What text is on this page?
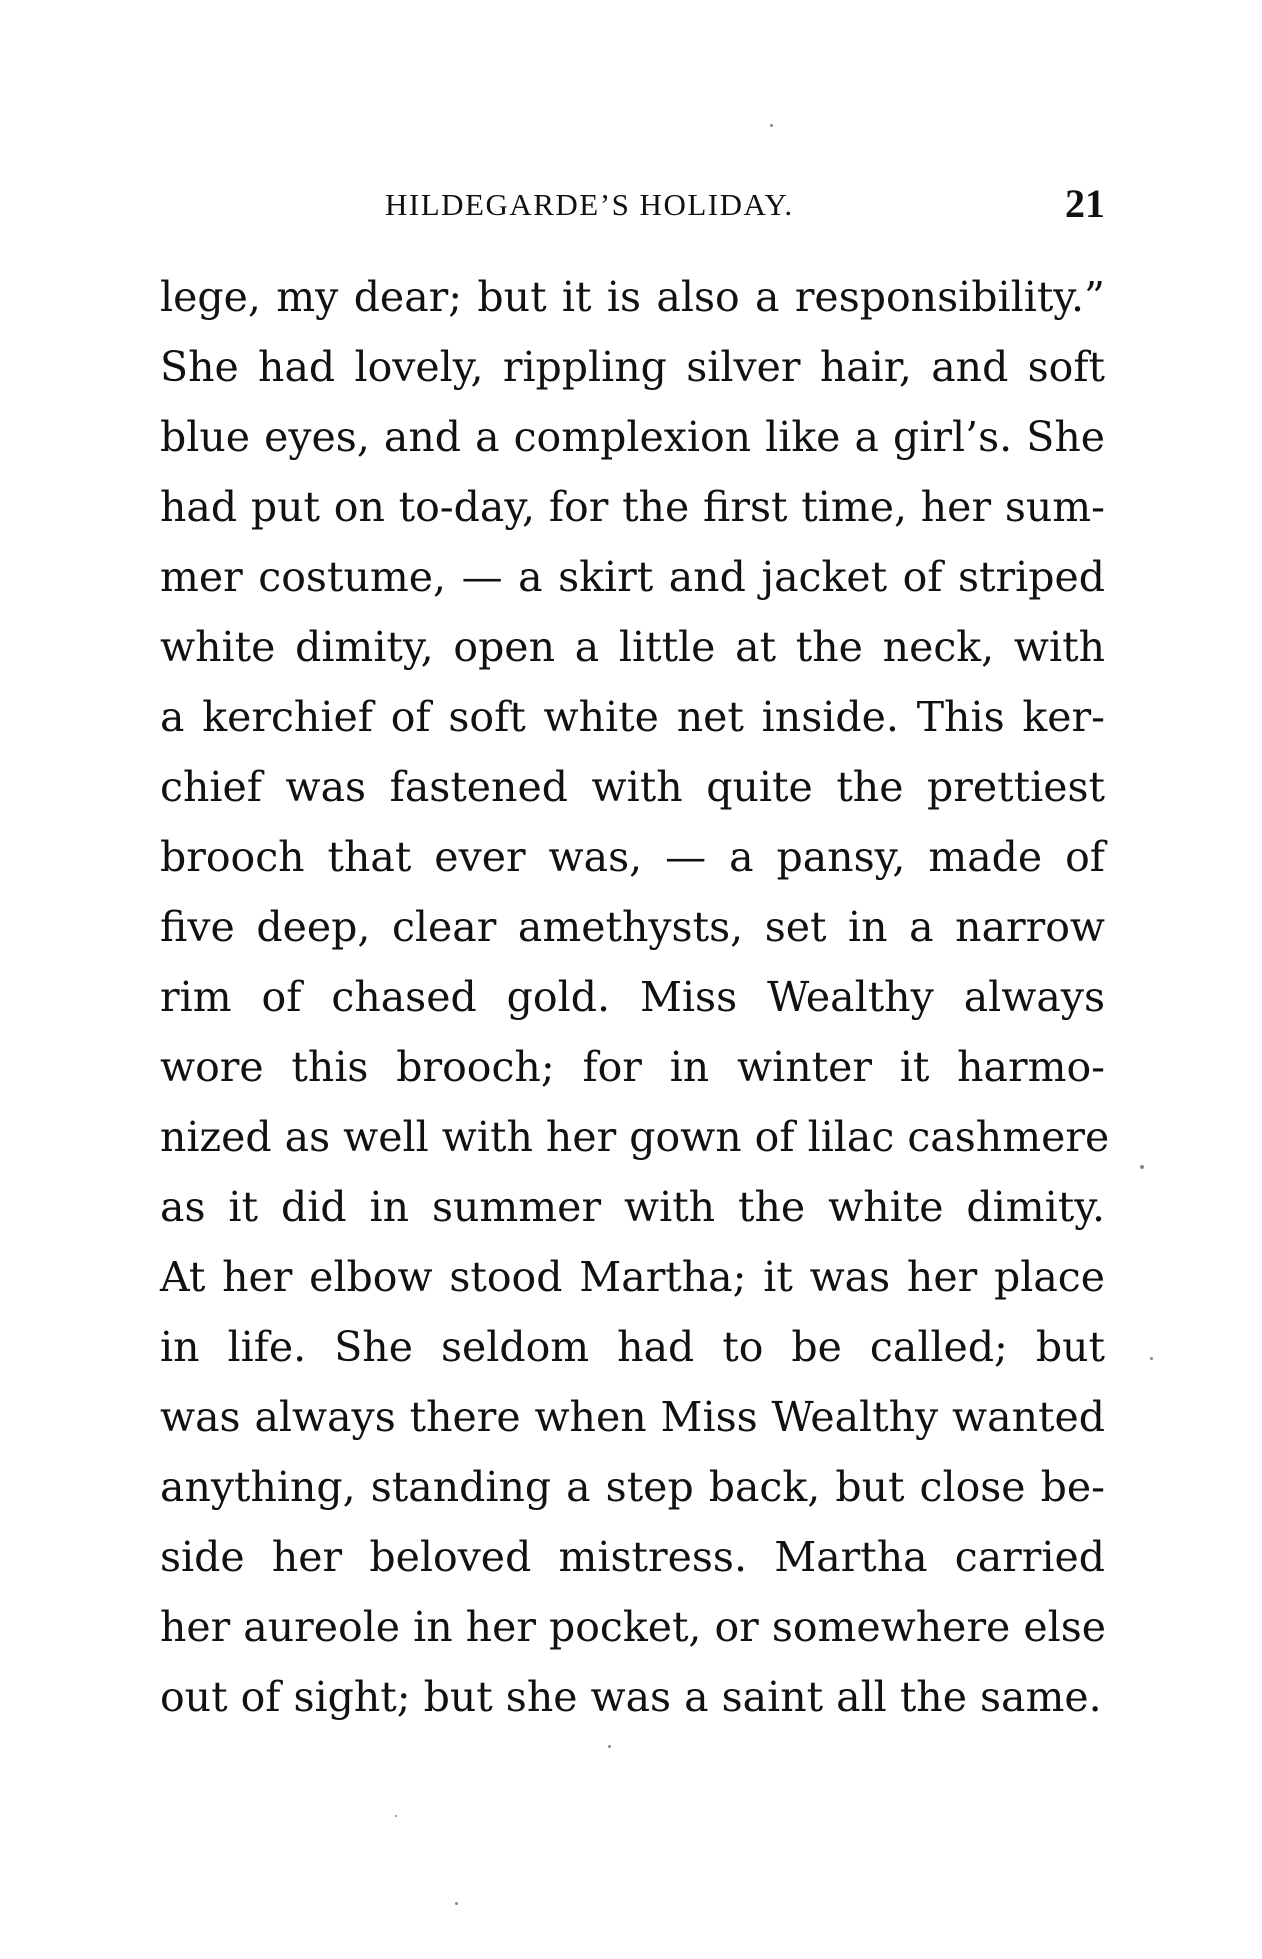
HILDEGARDE’S HOLIDAY.	21
lege, my dear; but it is also a responsibility.”
She had lovely, rippling silver hair, and soft
blue eyes, and a complexion like a girl’s. She
had put on to-day, for the first time, her sum-
mer costume, — a skirt and jacket of striped
white dimity, open a little at the neck, with
a kerchief of soft white net inside. This ker-
chief was fastened with quite the prettiest
brooch that ever was, — a pansy, made of
five deep, clear amethysts, set in a narrow
rim of chased gold. Miss Wealthy always
wore this brooch; for in winter it harmo-
nized as well with her gown of lilac cashmere
as it did in summer with the white dimity.
At her elbow stood Martha; it was her place
in life. She seldom had to be called; but
was always there when Miss Wealthy wanted
anything, standing a step back, but close be-
side her beloved mistress. Martha carried
her aureole in her pocket, or somewhere else
out of sight; but she was a saint all the same.
